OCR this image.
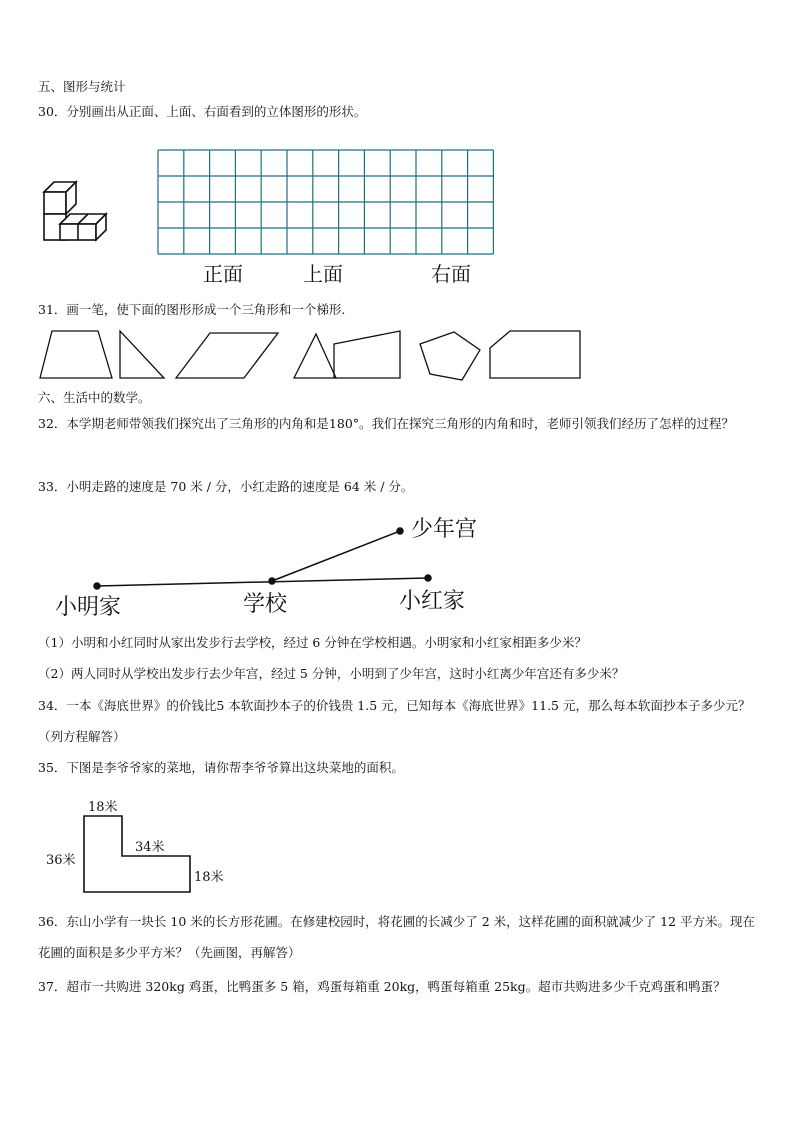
五、图形与统计
30．分别画出从正面、上面、右面看到的立体图形的形状。
正面	上面	右面
31．画一笔，使下面的图形形成一个三角形和一个梯形.
六、生活中的数学。
32．本学期老师带领我们探究出了三角形的内角和是180°。我们在探究三角形的内角和时，老师引领我们经历了怎样的过程？
33．小明走路的速度是 70 米 / 分，小红走路的速度是 64 米 / 分。
少年宫
小明家	学校	小红家
（1）小明和小红同时从家出发步行去学校，经过 6 分钟在学校相遇。小明家和小红家相距多少米？
（2）两人同时从学校出发步行去少年宫，经过 5 分钟，小明到了少年宫，这时小红离少年宫还有多少米？
34．一本《海底世界》的价钱比5 本软面抄本子的价钱贵 1.5 元，已知每本《海底世界》11.5 元，那么每本软面抄本子多少元？（列方程解答）
35．下图是李爷爷家的菜地，请你帮李爷爷算出这块菜地的面积。
18米
36米
34米
18米
36．东山小学有一块长 10 米的长方形花圃。在修建校园时，将花圃的长减少了 2 米，这样花圃的面积就减少了 12 平方米。现在花圃的面积是多少平方米？（先画图，再解答）
37．超市一共购进 320kg 鸡蛋，比鸭蛋多 5 箱，鸡蛋每箱重 20kg，鸭蛋每箱重 25kg。超市共购进多少千克鸡蛋和鸭蛋？
